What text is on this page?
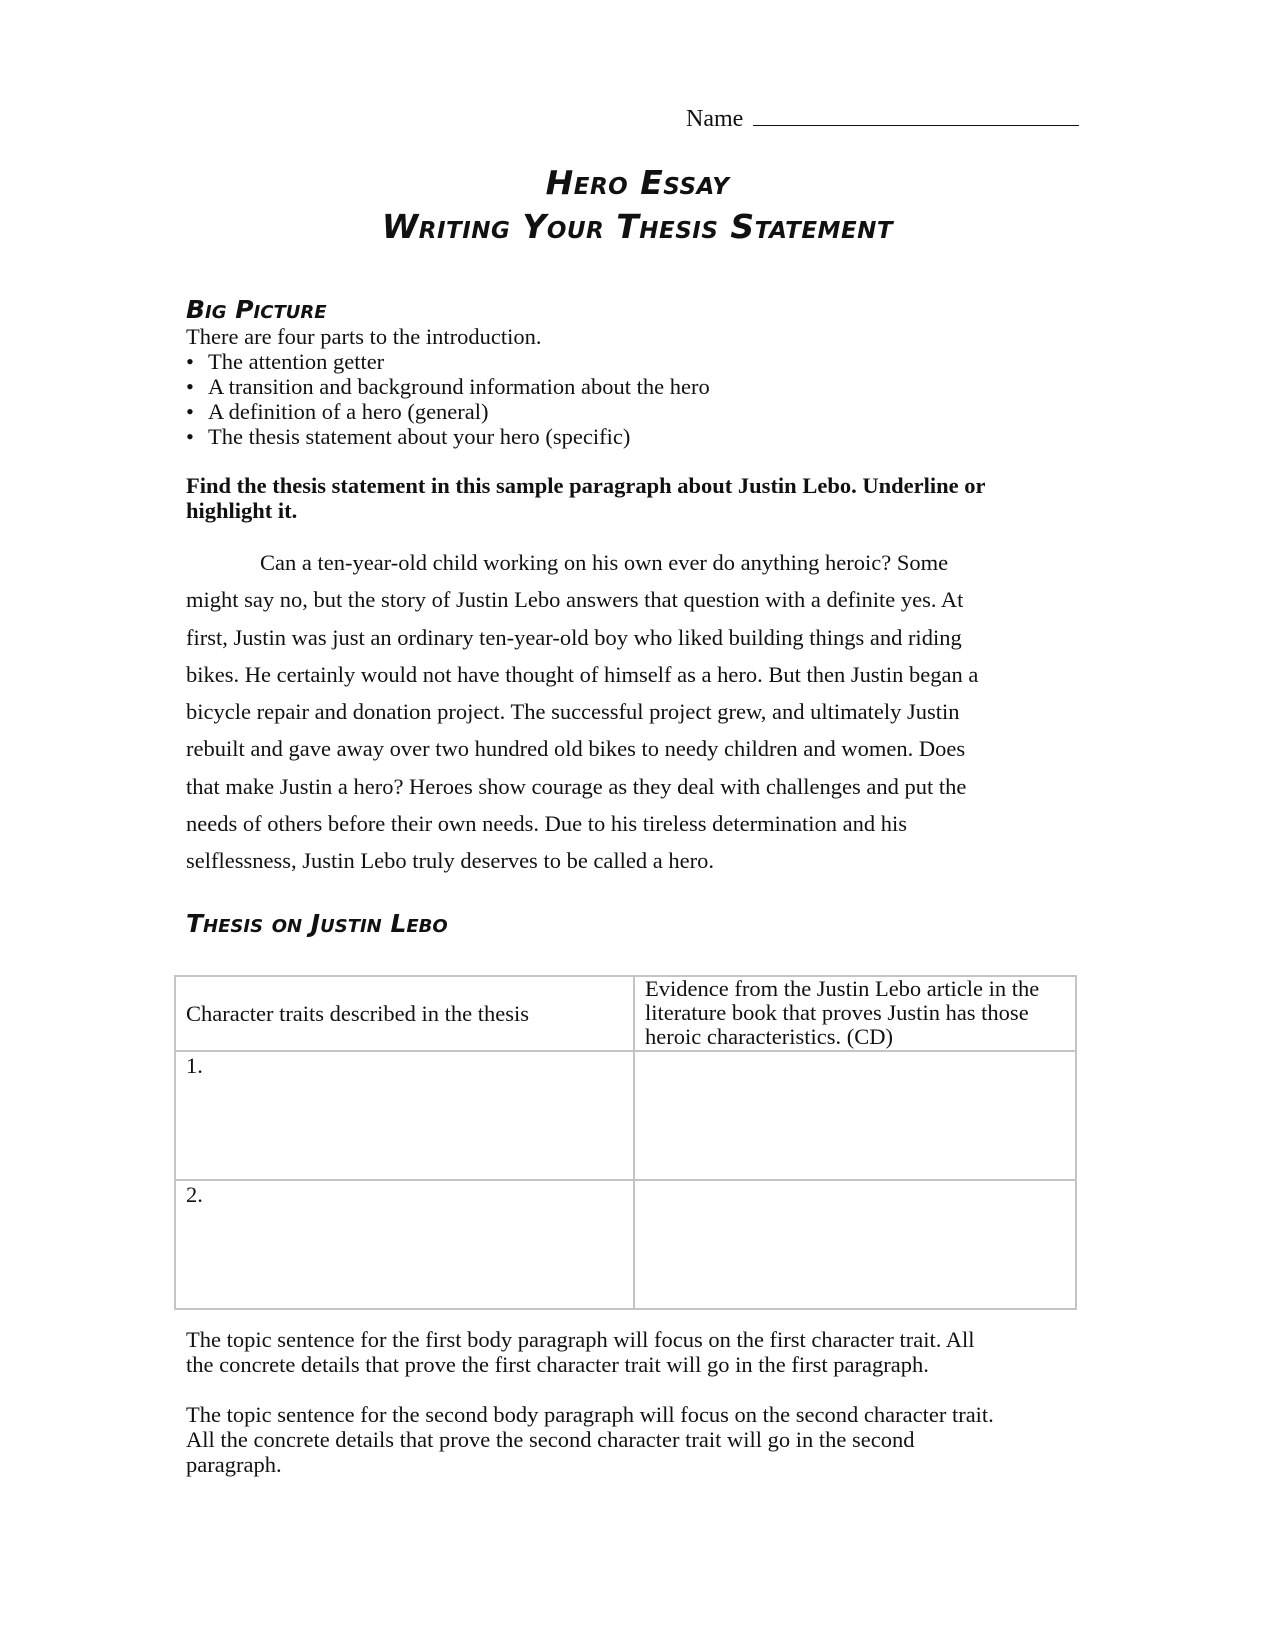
Name
Hero Essay
Writing Your Thesis Statement
Big Picture
There are four parts to the introduction.
• The attention getter
• A transition and background information about the hero
• A definition of a hero (general)
• The thesis statement about your hero (specific)
Find the thesis statement in this sample paragraph about Justin Lebo. Underline or highlight it.
Can a ten-year-old child working on his own ever do anything heroic? Some
might say no, but the story of Justin Lebo answers that question with a definite yes. At
first, Justin was just an ordinary ten-year-old boy who liked building things and riding
bikes. He certainly would not have thought of himself as a hero. But then Justin began a
bicycle repair and donation project. The successful project grew, and ultimately Justin
rebuilt and gave away over two hundred old bikes to needy children and women. Does
that make Justin a hero? Heroes show courage as they deal with challenges and put the
needs of others before their own needs. Due to his tireless determination and his
selflessness, Justin Lebo truly deserves to be called a hero.
Thesis on Justin Lebo
Character traits described in the thesis	Evidence from the Justin Lebo article in the literature book that proves Justin has those heroic characteristics. (CD)
1.	
2.	
The topic sentence for the first body paragraph will focus on the first character trait. All
the concrete details that prove the first character trait will go in the first paragraph.
The topic sentence for the second body paragraph will focus on the second character trait.
All the concrete details that prove the second character trait will go in the second
paragraph.
